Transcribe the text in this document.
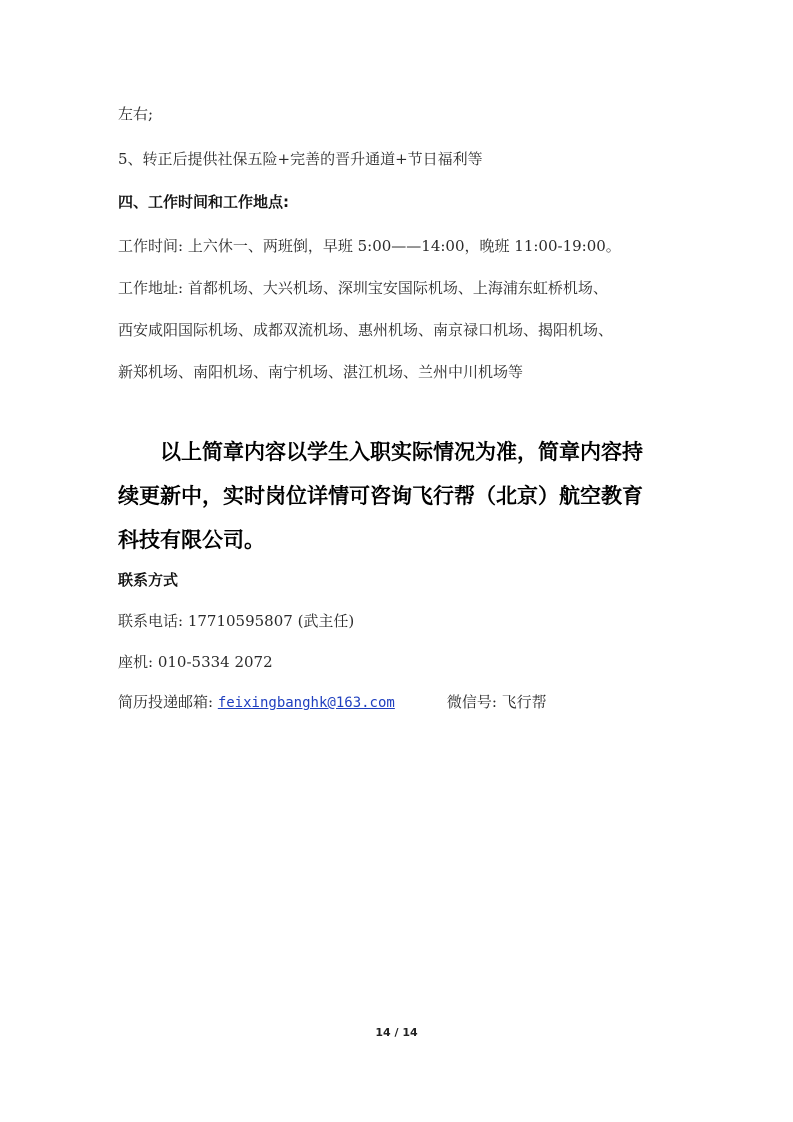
左右;
5、转正后提供社保五险+完善的晋升通道+节日福利等
四、工作时间和工作地点:
工作时间: 上六休一、两班倒，早班 5:00——14:00，晚班 11:00-19:00。
工作地址: 首都机场、大兴机场、深圳宝安国际机场、上海浦东虹桥机场、
西安咸阳国际机场、成都双流机场、惠州机场、南京禄口机场、揭阳机场、
新郑机场、南阳机场、南宁机场、湛江机场、兰州中川机场等
以上简章内容以学生入职实际情况为准，简章内容持
续更新中，实时岗位详情可咨询飞行帮（北京）航空教育
科技有限公司。
联系方式
联系电话: 17710595807 (武主任)
座机: 010-5334 2072
简历投递邮箱: feixingbanghk@163.com	微信号: 飞行帮
14 / 14
